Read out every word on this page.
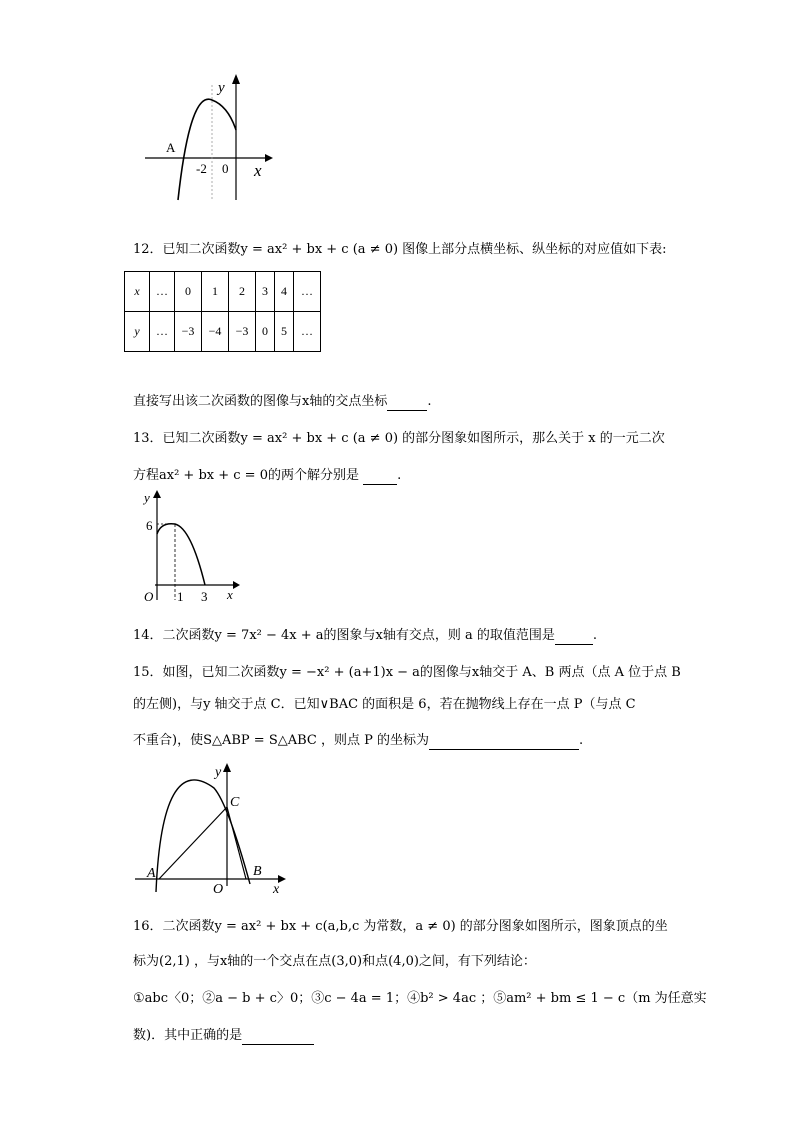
y
x
A
-2 0
12．已知二次函数y = ax² + bx + c (a ≠ 0) 图像上部分点横坐标、纵坐标的对应值如下表:
x	…	0	1	2	3	4	…
y	…	−3	−4	−3	0	5	…
直接写出该二次函数的图像与x轴的交点坐标	.
13．已知二次函数y = ax² + bx + c (a ≠ 0) 的部分图象如图所示，那么关于 x 的一元二次
方程ax² + bx + c = 0的两个解分别是	.
y
6
O 1 3 x
14．二次函数y = 7x² − 4x + a的图象与x轴有交点，则 a 的取值范围是	.
15．如图，已知二次函数y = −x² + (a+1)x − a的图像与x轴交于 A、B 两点（点 A 位于点 B
的左侧)，与y 轴交于点 C．已知∨BAC 的面积是 6，若在抛物线上存在一点 P（与点 C
不重合)，使S△ABP = S△ABC ，则点 P 的坐标为	.
y
C
A
O
B
x
16．二次函数y = ax² + bx + c(a,b,c 为常数，a ≠ 0) 的部分图象如图所示，图象顶点的坐
标为(2,1) ，与x轴的一个交点在点(3,0)和点(4,0)之间，有下列结论：
①abc〈0；②a − b + c〉0；③c − 4a = 1；④b² > 4ac ；⑤am² + bm ≤ 1 − c（m 为任意实
数)．其中正确的是
